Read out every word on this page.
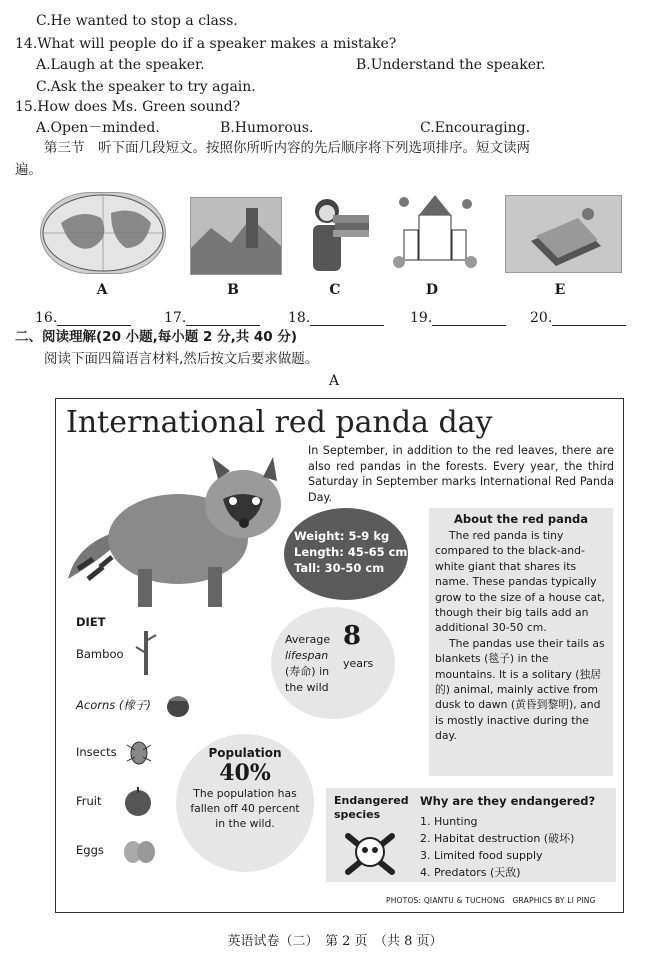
C.He wanted to stop a class.
14.What will people do if a speaker makes a mistake?
A.Laugh at the speaker.	B.Understand the speaker.
C.Ask the speaker to try again.
15.How does Ms. Green sound?
A.Open－minded.	B.Humorous.	C.Encouraging.
第三节　听下面几段短文。按照你所听内容的先后顺序将下列选项排序。短文读两
遍。
A	B	C	D	E
16.	17.	18.	19.	20.
二、阅读理解(20 小题,每小题 2 分,共 40 分)
阅读下面四篇语言材料,然后按文后要求做题。
A
International red panda day
In September, in addition to the red leaves, there are also red pandas in the forests. Every year, the third Saturday in September marks International Red Panda Day.
Weight: 5-9 kg
Length: 45-65 cm
Tall: 30-50 cm
Average
lifespan
(寿命) in the wild
8
years
DIET
Bamboo
Acorns (橡子)
Insects
Fruit
Eggs
Population
40%
The population has fallen off 40 percent in the wild.
About the red panda

The red panda is tiny compared to the black-and-white giant that shares its name. These pandas typically grow to the size of a house cat, though their big tails add an additional 30-50 cm.

The pandas use their tails as blankets (毯子) in the mountains. It is a solitary (独居的) animal, mainly active from dusk to dawn (黄昏到黎明), and is mostly inactive during the day.

Endangered species
Why are they endangered?
1. Hunting
2. Habitat destruction (破坏)
3. Limited food supply
4. Predators (天敌)
PHOTOS: QIANTU & TUCHONG　GRAPHICS BY LI PING
英语试卷（二）　第 2 页　（共 8 页）
